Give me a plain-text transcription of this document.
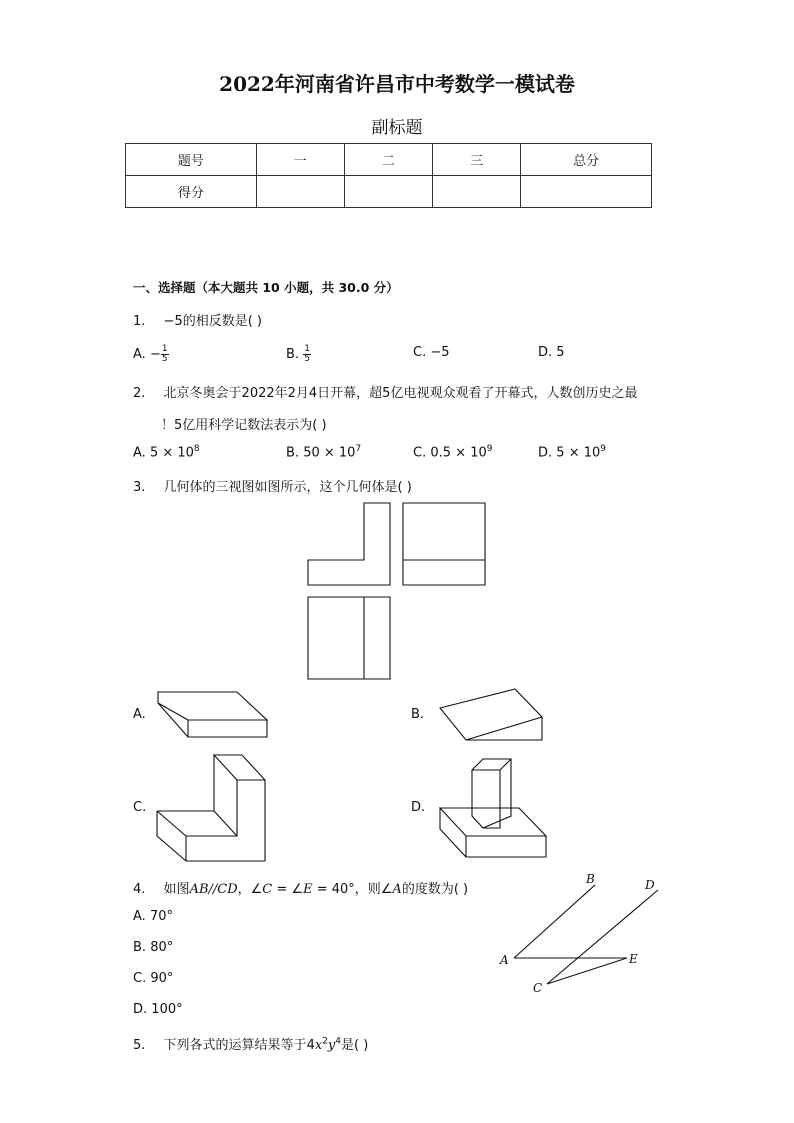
2022年河南省许昌市中考数学一模试卷
副标题
题号	一	二	三	总分
得分				
一、选择题（本大题共 10 小题，共 30.0 分）
1. −5的相反数是( )
A. − $\frac{1}{5}$	B. $\frac{1}{5}$	C. −5	D. 5
2. 北京冬奥会于2022年2月4日开幕，超5亿电视观众观看了开幕式，人数创历史之最
！5亿用科学记数法表示为( )
A. $5 \times 10^8$	B. $50 \times 10^7$	C. $0.5 \times 10^9$	D. $5 \times 10^9$
3. 几何体的三视图如图所示，这个几何体是( )
A.	B.
C.	D.
4. 如图AB//CD，∠C = ∠E = 40°，则∠A的度数为( )
A. 70°
B. 80°
C. 90°
D. 100°
B	D
A	E
C
5. 下列各式的运算结果等于$4x^2y^4$是( )
